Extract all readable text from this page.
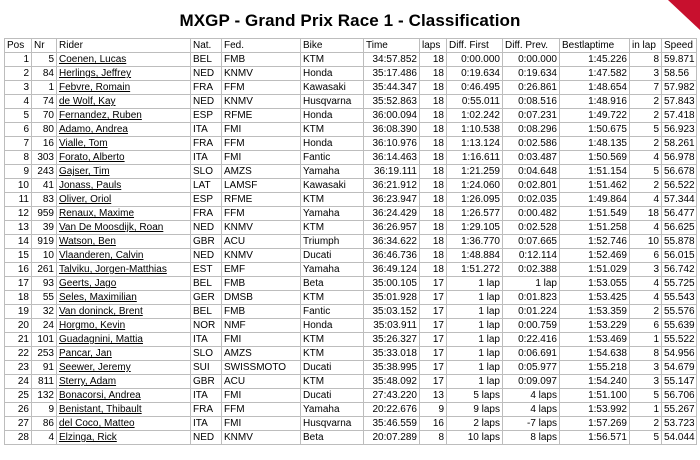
MXGP - Grand Prix Race 1 - Classification
Pos	Nr	Rider	Nat.	Fed.	Bike	Time	laps	Diff. First	Diff. Prev.	Bestlaptime	in lap	Speed
1	5	Coenen, Lucas	BEL	FMB	KTM	34:57.852	18	0:00.000	0:00.000	1:45.226	8	59.871
2	84	Herlings, Jeffrey	NED	KNMV	Honda	35:17.486	18	0:19.634	0:19.634	1:47.582	3	58.56
3	1	Febvre, Romain	FRA	FFM	Kawasaki	35:44.347	18	0:46.495	0:26.861	1:48.654	7	57.982
4	74	de Wolf, Kay	NED	KNMV	Husqvarna	35:52.863	18	0:55.011	0:08.516	1:48.916	2	57.843
5	70	Fernandez, Ruben	ESP	RFME	Honda	36:00.094	18	1:02.242	0:07.231	1:49.722	2	57.418
6	80	Adamo, Andrea	ITA	FMI	KTM	36:08.390	18	1:10.538	0:08.296	1:50.675	5	56.923
7	16	Vialle, Tom	FRA	FFM	Honda	36:10.976	18	1:13.124	0:02.586	1:48.135	2	58.261
8	303	Forato, Alberto	ITA	FMI	Fantic	36:14.463	18	1:16.611	0:03.487	1:50.569	4	56.978
9	243	Gajser, Tim	SLO	AMZS	Yamaha	36:19.111	18	1:21.259	0:04.648	1:51.154	5	56.678
10	41	Jonass, Pauls	LAT	LAMSF	Kawasaki	36:21.912	18	1:24.060	0:02.801	1:51.462	2	56.522
11	83	Oliver, Oriol	ESP	RFME	KTM	36:23.947	18	1:26.095	0:02.035	1:49.864	4	57.344
12	959	Renaux, Maxime	FRA	FFM	Yamaha	36:24.429	18	1:26.577	0:00.482	1:51.549	18	56.477
13	39	Van De Moosdijk, Roan	NED	KNMV	KTM	36:26.957	18	1:29.105	0:02.528	1:51.258	4	56.625
14	919	Watson, Ben	GBR	ACU	Triumph	36:34.622	18	1:36.770	0:07.665	1:52.746	10	55.878
15	10	Vlaanderen, Calvin	NED	KNMV	Ducati	36:46.736	18	1:48.884	0:12.114	1:52.469	6	56.015
16	261	Talviku, Jorgen-Matthias	EST	EMF	Yamaha	36:49.124	18	1:51.272	0:02.388	1:51.029	3	56.742
17	93	Geerts, Jago	BEL	FMB	Beta	35:00.105	17	1 lap	1 lap	1:53.055	4	55.725
18	55	Seles, Maximilian	GER	DMSB	KTM	35:01.928	17	1 lap	0:01.823	1:53.425	4	55.543
19	32	Van doninck, Brent	BEL	FMB	Fantic	35:03.152	17	1 lap	0:01.224	1:53.359	2	55.576
20	24	Horgmo, Kevin	NOR	NMF	Honda	35:03.911	17	1 lap	0:00.759	1:53.229	6	55.639
21	101	Guadagnini, Mattia	ITA	FMI	KTM	35:26.327	17	1 lap	0:22.416	1:53.469	1	55.522
22	253	Pancar, Jan	SLO	AMZS	KTM	35:33.018	17	1 lap	0:06.691	1:54.638	8	54.956
23	91	Seewer, Jeremy	SUI	SWISSMOTO	Ducati	35:38.995	17	1 lap	0:05.977	1:55.218	3	54.679
24	811	Sterry, Adam	GBR	ACU	KTM	35:48.092	17	1 lap	0:09.097	1:54.240	3	55.147
25	132	Bonacorsi, Andrea	ITA	FMI	Ducati	27:43.220	13	5 laps	4 laps	1:51.100	5	56.706
26	9	Benistant, Thibault	FRA	FFM	Yamaha	20:22.676	9	9 laps	4 laps	1:53.992	1	55.267
27	86	del Coco, Matteo	ITA	FMI	Husqvarna	35:46.559	16	2 laps	-7 laps	1:57.269	2	53.723
28	4	Elzinga, Rick	NED	KNMV	Beta	20:07.289	8	10 laps	8 laps	1:56.571	5	54.044
